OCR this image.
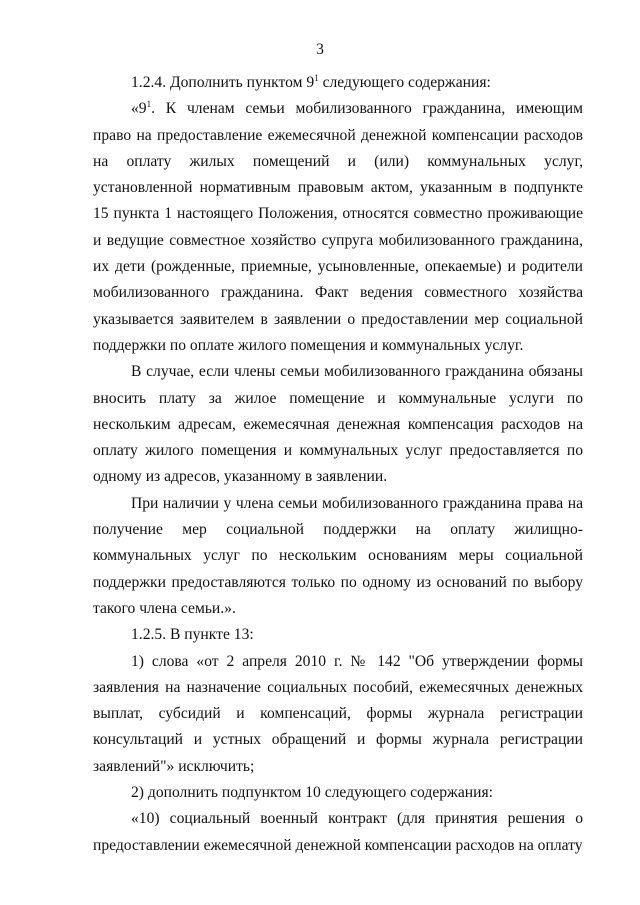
3

1.2.4. Дополнить пунктом $9^1$ следующего содержания:

«$9^1$. К членам семьи мобилизованного гражданина, имеющим право на предоставление ежемесячной денежной компенсации расходов на оплату жилых помещений и (или) коммунальных услуг, установленной нормативным правовым актом, указанным в подпункте 15 пункта 1 настоящего Положения, относятся совместно проживающие и ведущие совместное хозяйство супруга мобилизованного гражданина, их дети (рожденные, приемные, усыновленные, опекаемые) и родители мобилизованного гражданина. Факт ведения совместного хозяйства указывается заявителем в заявлении о предоставлении мер социальной поддержки по оплате жилого помещения и коммунальных услуг.

В случае, если члены семьи мобилизованного гражданина обязаны вносить плату за жилое помещение и коммунальные услуги по нескольким адресам, ежемесячная денежная компенсация расходов на оплату жилого помещения и коммунальных услуг предоставляется по одному из адресов, указанному в заявлении.

При наличии у члена семьи мобилизованного гражданина права на получение мер социальной поддержки на оплату жилищно-коммунальных услуг по нескольким основаниям меры социальной поддержки предоставляются только по одному из оснований по выбору такого члена семьи.».

1.2.5. В пункте 13:

1) слова «от 2 апреля 2010 г. № 142 "Об утверждении формы заявления на назначение социальных пособий, ежемесячных денежных выплат, субсидий и компенсаций, формы журнала регистрации консультаций и устных обращений и формы журнала регистрации заявлений"» исключить;

2) дополнить подпунктом 10 следующего содержания:

«10) социальный военный контракт (для принятия решения о предоставлении ежемесячной денежной компенсации расходов на оплату
